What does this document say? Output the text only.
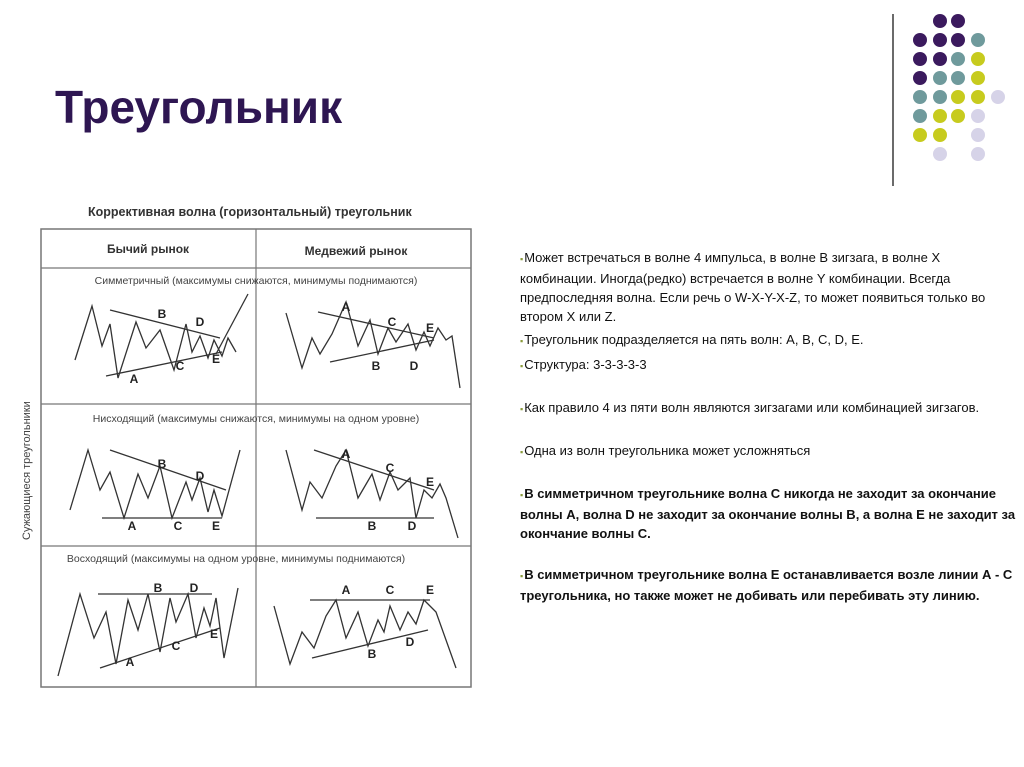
Треугольник
Коррективная волна (горизонтальный) треугольник
Сужающиеся треугольники
Бычий рынок	Медвежий рынок
Симметричный (максимумы снижаются, минимумы поднимаются)
Нисходящий (максимумы снижаются, минимумы на одном уровне)
Восходящий (максимумы на одном уровне, минимумы поднимаются)
A
B
C
D
E
A
B
C
D
E
A
B
C
D
E
A
B
C
D
E
A
B
C
D
E
A
B
C
D
E

▪Может встречаться в волне 4 импульса, в волне B зигзага, в волне X комбинации. Иногда(редко) встречается в волне Y комбинации. Всегда предпоследняя волна. Если речь о W-X-Y-X-Z, то может появиться только во втором X или Z.

▪Треугольник подразделяется на пять волн: A, B, C, D, E.

▪Структура: 3-3-3-3-3

▪Как правило 4 из пяти волн являются зигзагами или комбинацией зигзагов.

▪Одна из волн треугольника может усложняться

▪В симметричном треугольнике волна С никогда не заходит за окончание волны А, волна D не заходит за окончание волны B, а волна Е не заходит за окончание волны С.

▪В симметричном треугольнике волна Е останавливается возле линии А - С треугольника, но также может не добивать или перебивать эту линию.
